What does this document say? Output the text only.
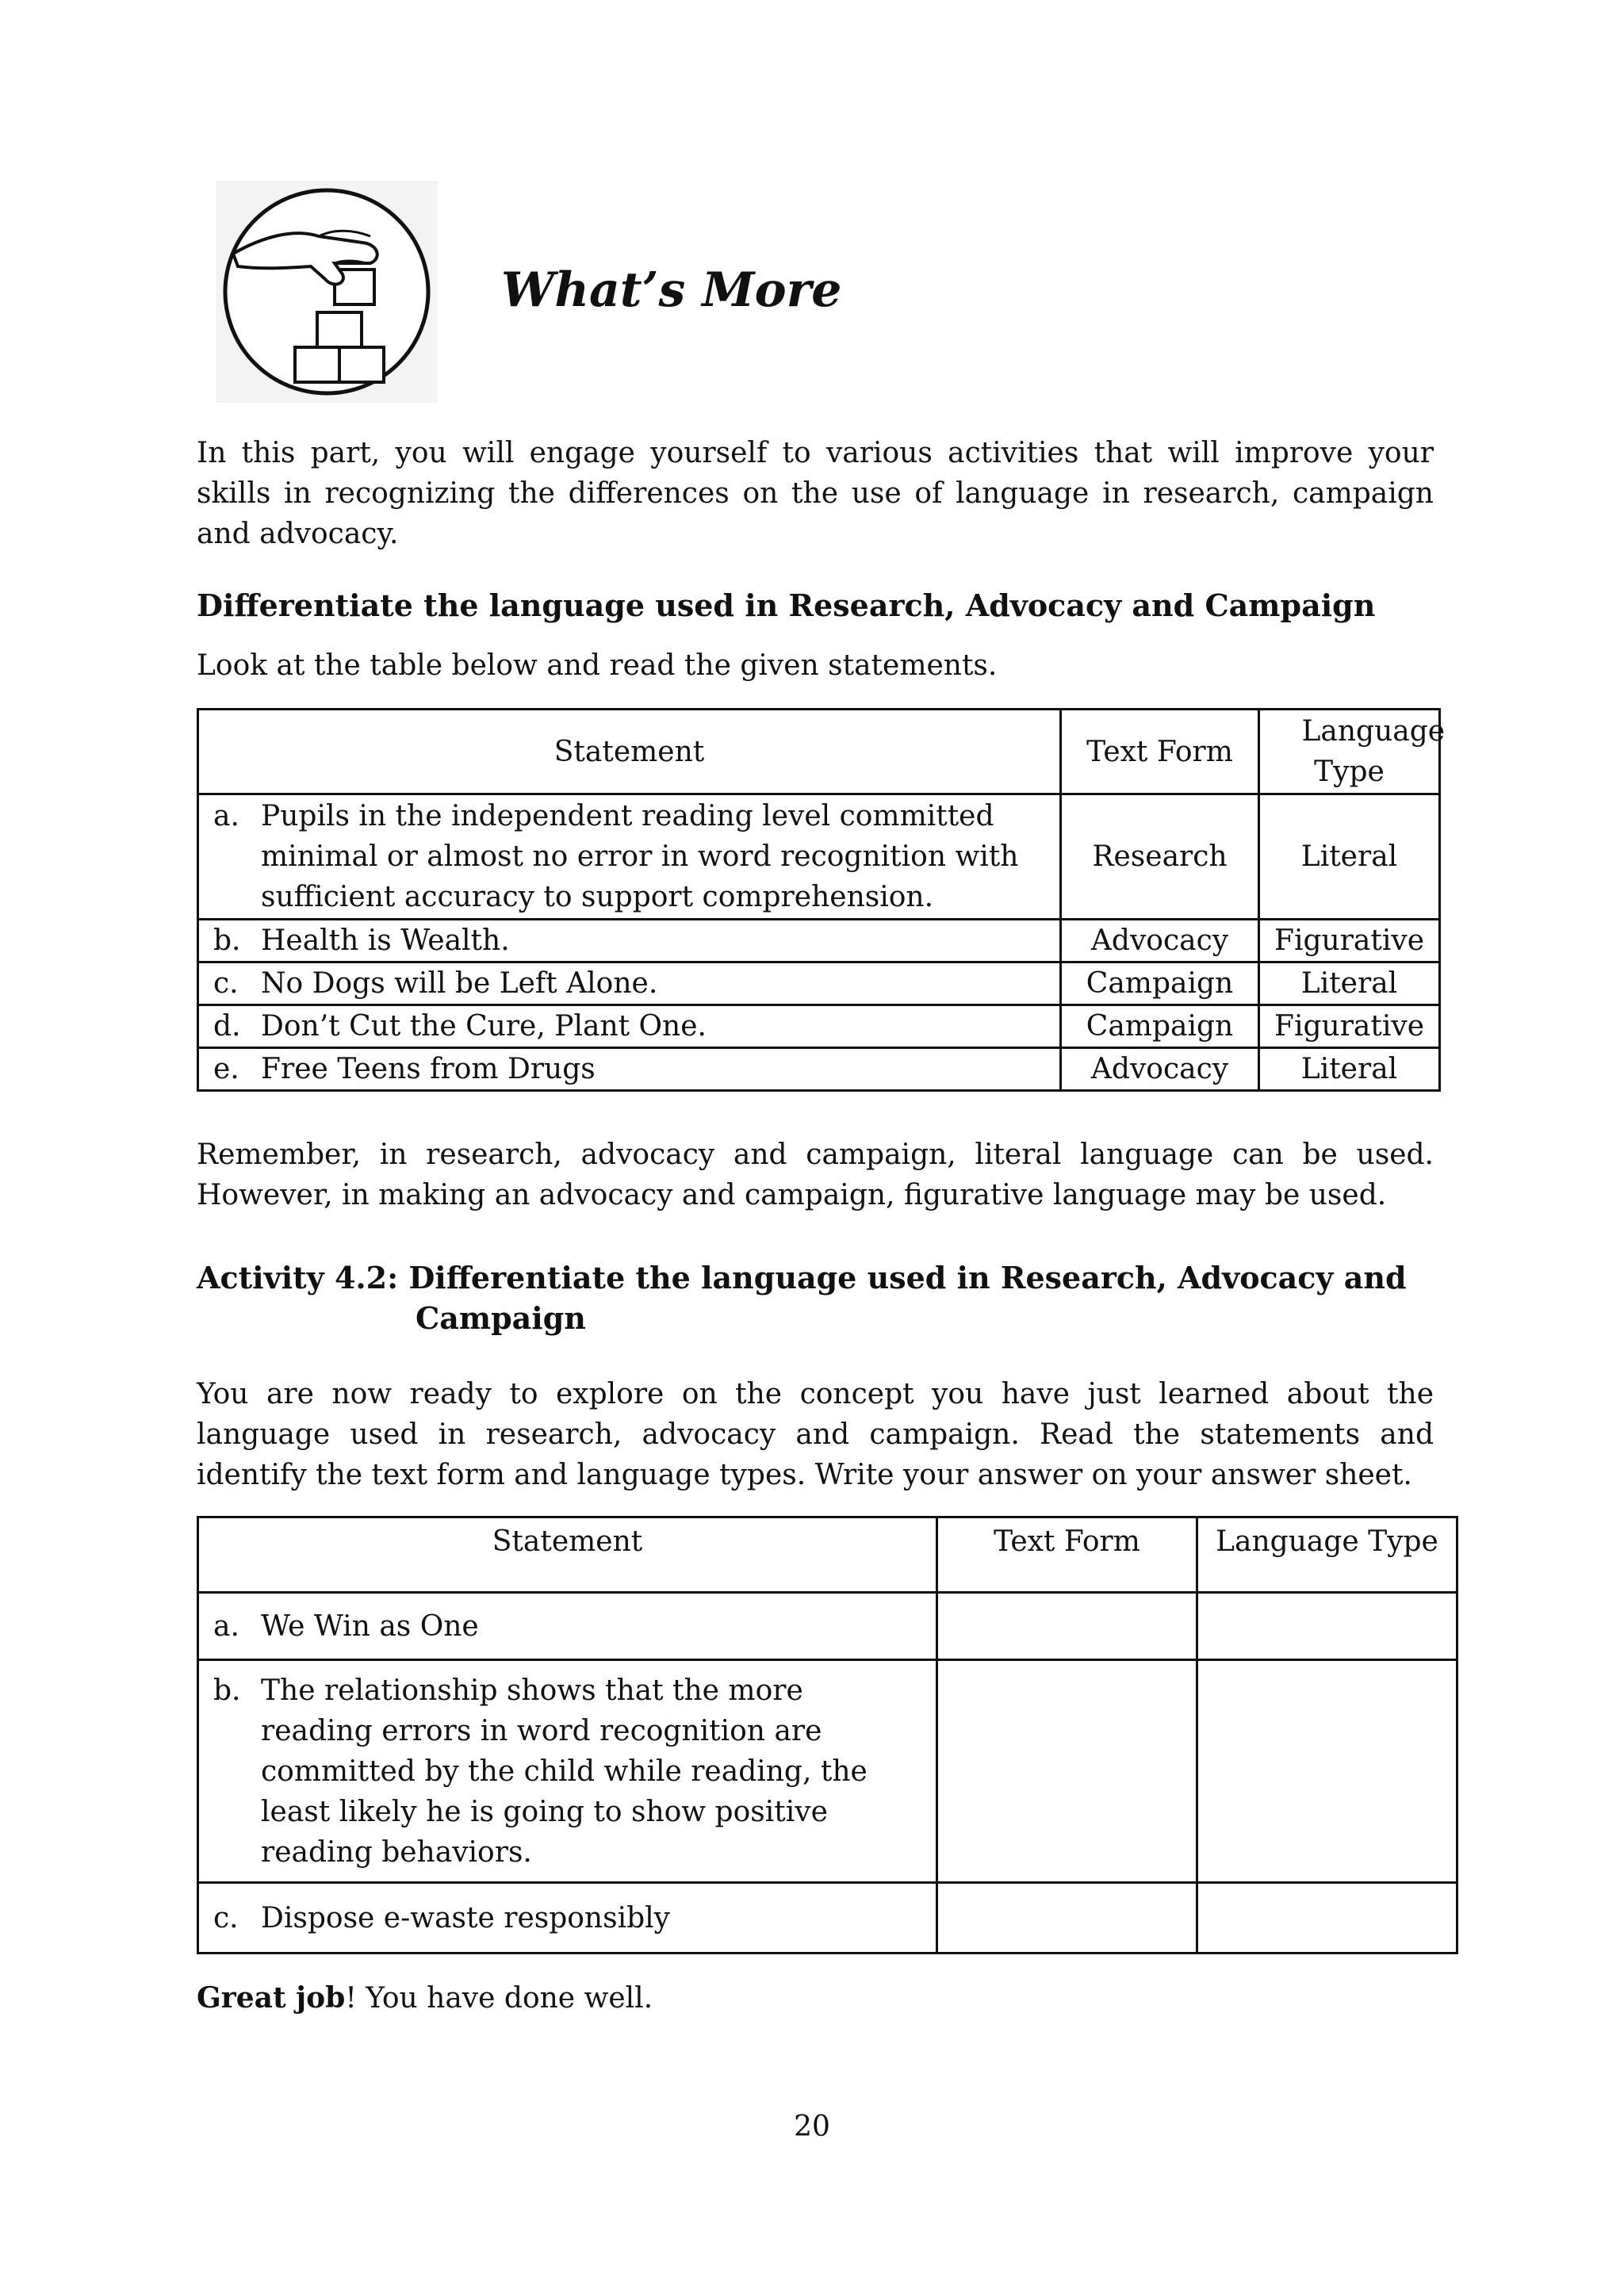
What’s More

In this part, you will engage yourself to various activities that will improve your skills in recognizing the differences on the use of language in research, campaign and advocacy.

Differentiate the language used in Research, Advocacy and Campaign

Look at the table below and read the given statements.

Statement	Text Form	Language Type

a. Pupils in the independent reading level committed minimal or almost no error in word recognition with sufficient accuracy to support comprehension.	Research	Literal

b. Health is Wealth.	Advocacy	Figurative

c. No Dogs will be Left Alone.	Campaign	Literal

d. Don’t Cut the Cure, Plant One.	Campaign	Figurative

e. Free Teens from Drugs	Advocacy	Literal

Remember, in research, advocacy and campaign, literal language can be used. However, in making an advocacy and campaign, figurative language may be used.

Activity 4.2: Differentiate the language used in Research, Advocacy and
Campaign

You are now ready to explore on the concept you have just learned about the language used in research, advocacy and campaign. Read the statements and identify the text form and language types. Write your answer on your answer sheet.

Statement	Text Form	Language Type

a. We Win as One		

b. The relationship shows that the more reading errors in word recognition are committed by the child while reading, the least likely he is going to show positive reading behaviors.		

c. Dispose e-waste responsibly		

Great job! You have done well.

20
